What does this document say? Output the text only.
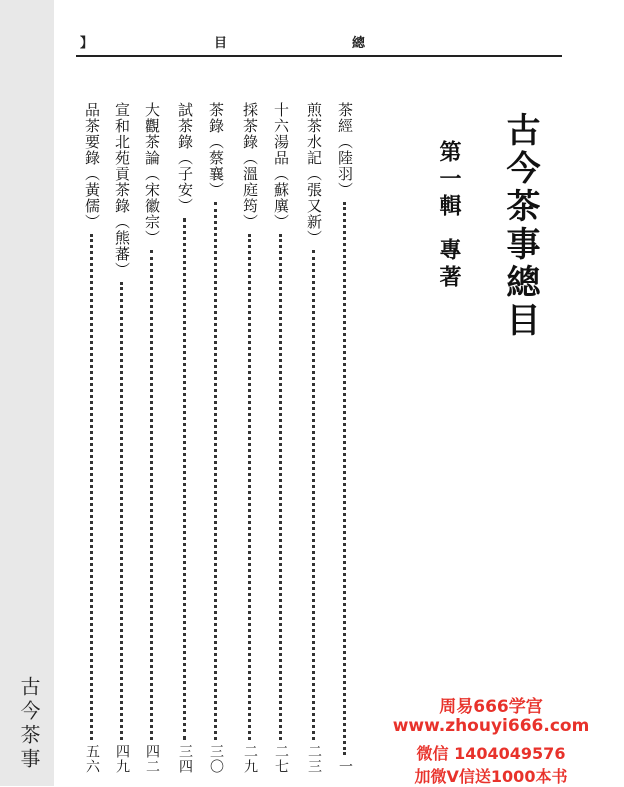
古今茶事
】	目	總
古今茶事總目
第一輯
專著
茶經（陸羽）
一
煎茶水記（張又新）
二三
十六湯品（蘇廙）
二七
採茶錄（溫庭筠）
二九
茶錄（蔡襄）
三〇
試茶錄（子安）
三四
大觀茶論（宋徽宗）
四二
宣和北苑貢茶錄（熊蕃）
四九
品茶要錄（黃儒）
五六
周易666学宫
www.zhouyi666.com
微信 1404049576
加微V信送1000本书
